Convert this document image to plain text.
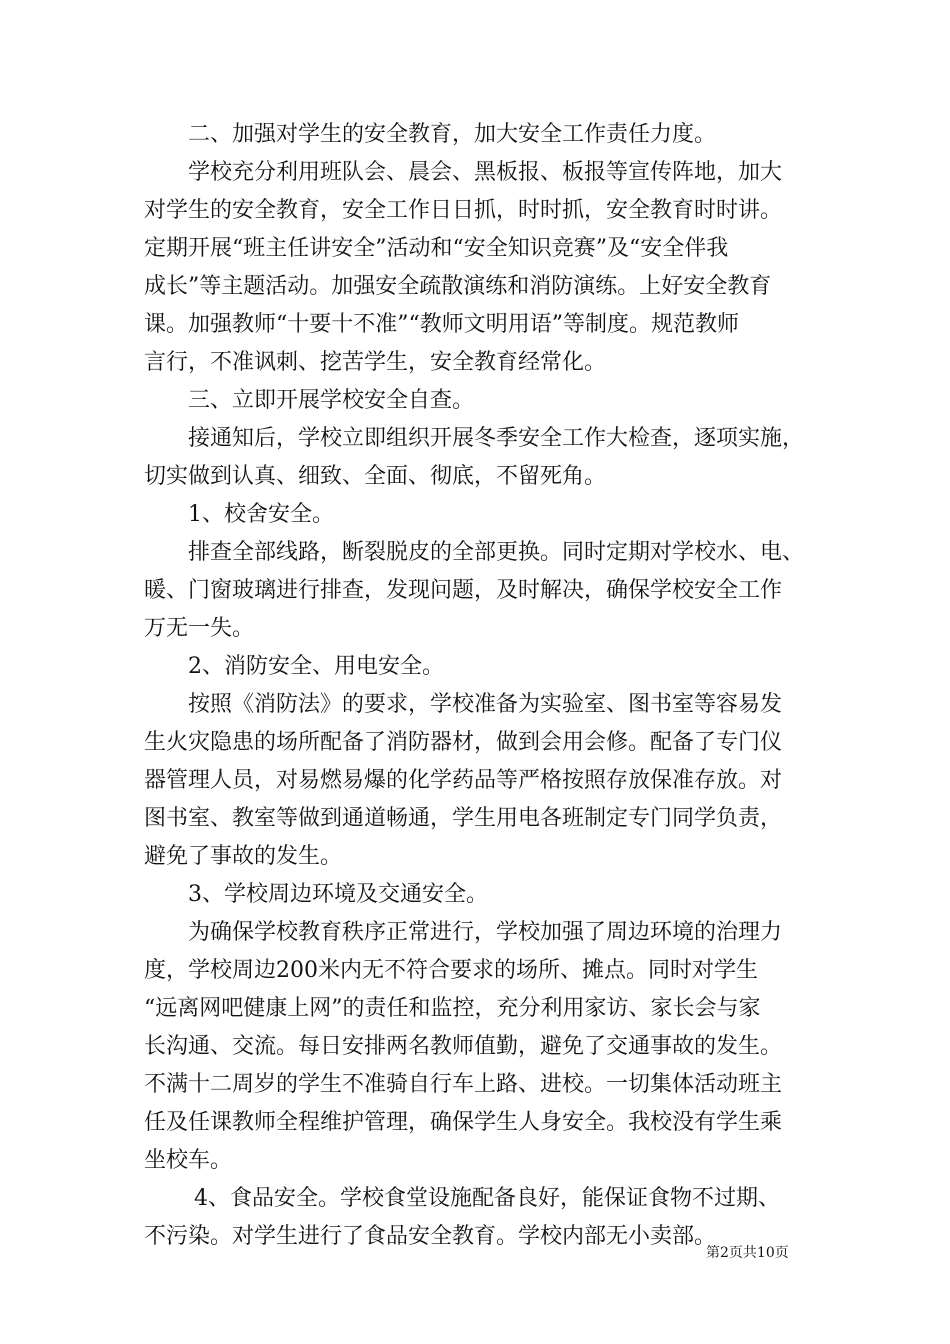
二、加强对学生的安全教育，加大安全工作责任力度。
学校充分利用班队会、晨会、黑板报、板报等宣传阵地，加大
对学生的安全教育，安全工作日日抓，时时抓，安全教育时时讲。
定期开展“班主任讲安全”活动和“安全知识竞赛”及“安全伴我
成长”等主题活动。加强安全疏散演练和消防演练。上好安全教育
课。加强教师“十要十不准”“教师文明用语”等制度。规范教师
言行，不准讽刺、挖苦学生，安全教育经常化。
三、立即开展学校安全自查。
接通知后，学校立即组织开展冬季安全工作大检查，逐项实施，
切实做到认真、细致、全面、彻底，不留死角。
1、校舍安全。
排查全部线路，断裂脱皮的全部更换。同时定期对学校水、电、
暖、门窗玻璃进行排查，发现问题，及时解决，确保学校安全工作
万无一失。
2、消防安全、用电安全。
按照《消防法》的要求，学校准备为实验室、图书室等容易发
生火灾隐患的场所配备了消防器材，做到会用会修。配备了专门仪
器管理人员，对易燃易爆的化学药品等严格按照存放保准存放。对
图书室、教室等做到通道畅通，学生用电各班制定专门同学负责，
避免了事故的发生。
3、学校周边环境及交通安全。
为确保学校教育秩序正常进行，学校加强了周边环境的治理力
度，学校周边200米内无不符合要求的场所、摊点。同时对学生
“远离网吧健康上网”的责任和监控，充分利用家访、家长会与家
长沟通、交流。每日安排两名教师值勤，避免了交通事故的发生。
不满十二周岁的学生不准骑自行车上路、进校。一切集体活动班主
任及任课教师全程维护管理，确保学生人身安全。我校没有学生乘
坐校车。
4、食品安全。学校食堂设施配备良好，能保证食物不过期、
不污染。对学生进行了食品安全教育。学校内部无小卖部。
第2页共10页
